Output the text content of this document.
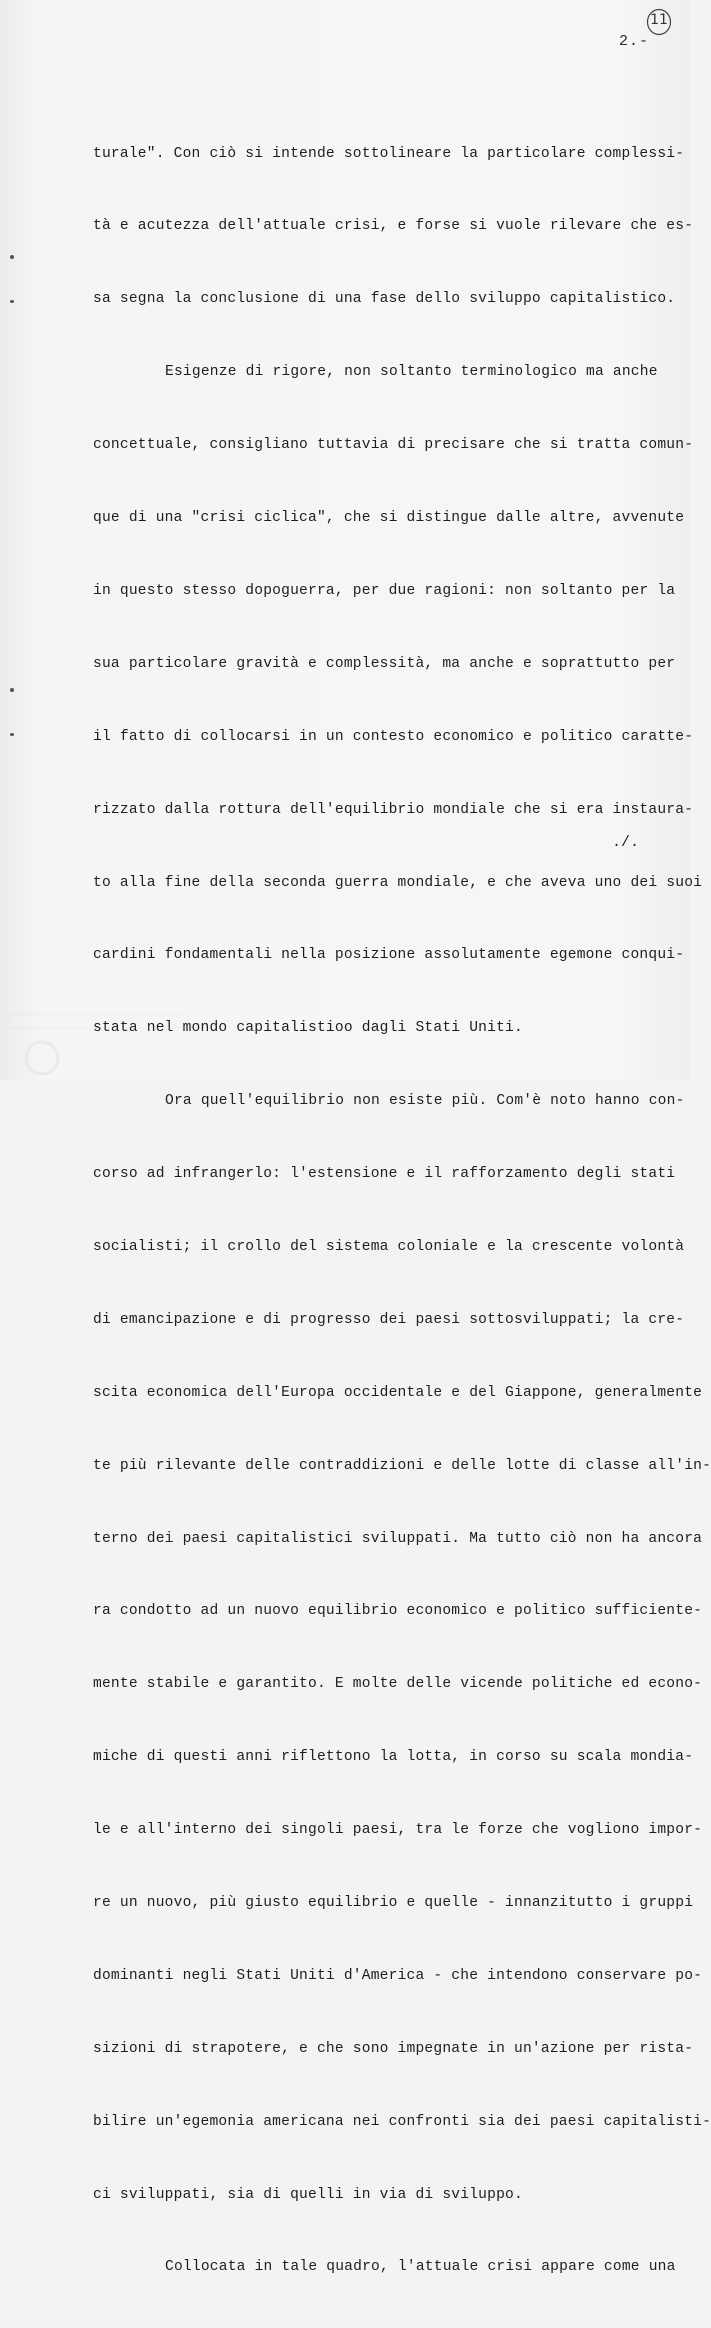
11
2.-

turale". Con ciò si intende sottolineare la particolare complessi-

tà e acutezza dell'attuale crisi, e forse si vuole rilevare che es-

sa segna la conclusione di una fase dello sviluppo capitalistico.

Esigenze di rigore, non soltanto terminologico ma anche

concettuale, consigliano tuttavia di precisare che si tratta comun-

que di una "crisi ciclica", che si distingue dalle altre, avvenute

in questo stesso dopoguerra, per due ragioni: non soltanto per la

sua particolare gravità e complessità, ma anche e soprattutto per

il fatto di collocarsi in un contesto economico e politico caratte-

rizzato dalla rottura dell'equilibrio mondiale che si era instaura-

to alla fine della seconda guerra mondiale, e che aveva uno dei suoi

cardini fondamentali nella posizione assolutamente egemone conqui-

stata nel mondo capitalistioo dagli Stati Uniti.

Ora quell'equilibrio non esiste più. Com'è noto hanno con-

corso ad infrangerlo: l'estensione e il rafforzamento degli stati

socialisti; il crollo del sistema coloniale e la crescente volontà

di emancipazione e di progresso dei paesi sottosviluppati; la cre-

scita economica dell'Europa occidentale e del Giappone, generalmente

te più rilevante delle contraddizioni e delle lotte di classe all'in-

terno dei paesi capitalistici sviluppati. Ma tutto ciò non ha ancora

ra condotto ad un nuovo equilibrio economico e politico sufficiente-

mente stabile e garantito. E molte delle vicende politiche ed econo-

miche di questi anni riflettono la lotta, in corso su scala mondia-

le e all'interno dei singoli paesi, tra le forze che vogliono impor-

re un nuovo, più giusto equilibrio e quelle - innanzitutto i gruppi

dominanti negli Stati Uniti d'America - che intendono conservare po-

sizioni di strapotere, e che sono impegnate in un'azione per rista-

bilire un'egemonia americana nei confronti sia dei paesi capitalisti-

ci sviluppati, sia di quelli in via di sviluppo.

Collocata in tale quadro, l'attuale crisi appare come una

./.
